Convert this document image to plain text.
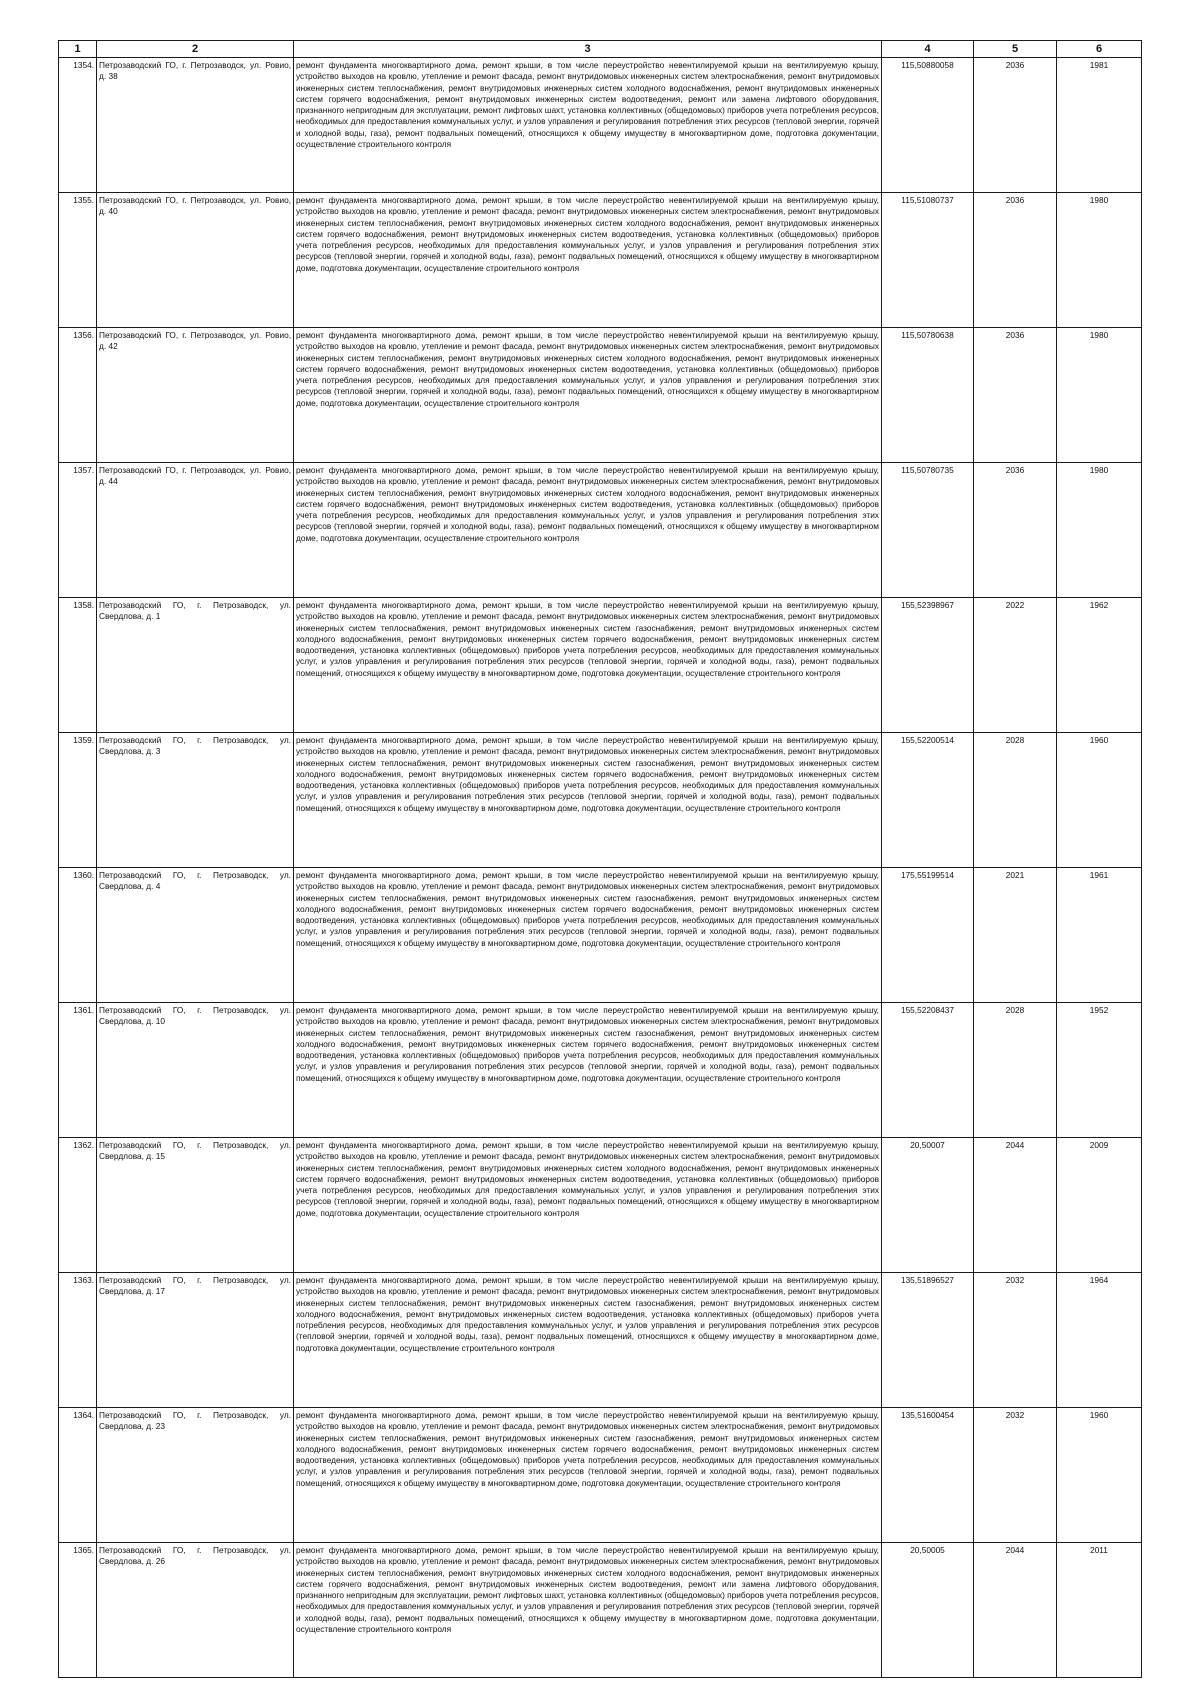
1	2	3	4	5	6
1354.	Петрозаводский ГО, г. Петрозаводск, ул. Ровио, д. 38	ремонт фундамента многоквартирного дома, ремонт крыши, в том числе переустройство невентилируемой крыши на вентилируемую крышу, устройство выходов на кровлю, утепление и ремонт фасада, ремонт внутридомовых инженерных систем электроснабжения, ремонт внутридомовых инженерных систем теплоснабжения, ремонт внутридомовых инженерных систем холодного водоснабжения, ремонт внутридомовых инженерных систем горячего водоснабжения, ремонт внутридомовых инженерных систем водоотведения, ремонт или замена лифтового оборудования, признанного непригодным для эксплуатации, ремонт лифтовых шахт, установка коллективных (общедомовых) приборов учета потребления ресурсов, необходимых для предоставления коммунальных услуг, и узлов управления и регулирования потребления этих ресурсов (тепловой энергии, горячей и холодной воды, газа), ремонт подвальных помещений, относящихся к общему имуществу в многоквартирном доме, подготовка документации, осуществление строительного контроля	115,50880058	2036	1981
1355.	Петрозаводский ГО, г. Петрозаводск, ул. Ровио, д. 40	ремонт фундамента многоквартирного дома, ремонт крыши, в том числе переустройство невентилируемой крыши на вентилируемую крышу, устройство выходов на кровлю, утепление и ремонт фасада, ремонт внутридомовых инженерных систем электроснабжения, ремонт внутридомовых инженерных систем теплоснабжения, ремонт внутридомовых инженерных систем холодного водоснабжения, ремонт внутридомовых инженерных систем горячего водоснабжения, ремонт внутридомовых инженерных систем водоотведения, установка коллективных (общедомовых) приборов учета потребления ресурсов, необходимых для предоставления коммунальных услуг, и узлов управления и регулирования потребления этих ресурсов (тепловой энергии, горячей и холодной воды, газа), ремонт подвальных помещений, относящихся к общему имуществу в многоквартирном доме, подготовка документации, осуществление строительного контроля	115,51080737	2036	1980
1356.	Петрозаводский ГО, г. Петрозаводск, ул. Ровио, д. 42	ремонт фундамента многоквартирного дома, ремонт крыши, в том числе переустройство невентилируемой крыши на вентилируемую крышу, устройство выходов на кровлю, утепление и ремонт фасада, ремонт внутридомовых инженерных систем электроснабжения, ремонт внутридомовых инженерных систем теплоснабжения, ремонт внутридомовых инженерных систем холодного водоснабжения, ремонт внутридомовых инженерных систем горячего водоснабжения, ремонт внутридомовых инженерных систем водоотведения, установка коллективных (общедомовых) приборов учета потребления ресурсов, необходимых для предоставления коммунальных услуг, и узлов управления и регулирования потребления этих ресурсов (тепловой энергии, горячей и холодной воды, газа), ремонт подвальных помещений, относящихся к общему имуществу в многоквартирном доме, подготовка документации, осуществление строительного контроля	115,50780638	2036	1980
1357.	Петрозаводский ГО, г. Петрозаводск, ул. Ровио, д. 44	ремонт фундамента многоквартирного дома, ремонт крыши, в том числе переустройство невентилируемой крыши на вентилируемую крышу, устройство выходов на кровлю, утепление и ремонт фасада, ремонт внутридомовых инженерных систем электроснабжения, ремонт внутридомовых инженерных систем теплоснабжения, ремонт внутридомовых инженерных систем холодного водоснабжения, ремонт внутридомовых инженерных систем горячего водоснабжения, ремонт внутридомовых инженерных систем водоотведения, установка коллективных (общедомовых) приборов учета потребления ресурсов, необходимых для предоставления коммунальных услуг, и узлов управления и регулирования потребления этих ресурсов (тепловой энергии, горячей и холодной воды, газа), ремонт подвальных помещений, относящихся к общему имуществу в многоквартирном доме, подготовка документации, осуществление строительного контроля	115,50780735	2036	1980
1358.	Петрозаводский ГО, г. Петрозаводск, ул. Свердлова, д. 1	ремонт фундамента многоквартирного дома, ремонт крыши, в том числе переустройство невентилируемой крыши на вентилируемую крышу, устройство выходов на кровлю, утепление и ремонт фасада, ремонт внутридомовых инженерных систем электроснабжения, ремонт внутридомовых инженерных систем теплоснабжения, ремонт внутридомовых инженерных систем газоснабжения, ремонт внутридомовых инженерных систем холодного водоснабжения, ремонт внутридомовых инженерных систем горячего водоснабжения, ремонт внутридомовых инженерных систем водоотведения, установка коллективных (общедомовых) приборов учета потребления ресурсов, необходимых для предоставления коммунальных услуг, и узлов управления и регулирования потребления этих ресурсов (тепловой энергии, горячей и холодной воды, газа), ремонт подвальных помещений, относящихся к общему имуществу в многоквартирном доме, подготовка документации, осуществление строительного контроля	155,52398967	2022	1962
1359.	Петрозаводский ГО, г. Петрозаводск, ул. Свердлова, д. 3	ремонт фундамента многоквартирного дома, ремонт крыши, в том числе переустройство невентилируемой крыши на вентилируемую крышу, устройство выходов на кровлю, утепление и ремонт фасада, ремонт внутридомовых инженерных систем электроснабжения, ремонт внутридомовых инженерных систем теплоснабжения, ремонт внутридомовых инженерных систем газоснабжения, ремонт внутридомовых инженерных систем холодного водоснабжения, ремонт внутридомовых инженерных систем горячего водоснабжения, ремонт внутридомовых инженерных систем водоотведения, установка коллективных (общедомовых) приборов учета потребления ресурсов, необходимых для предоставления коммунальных услуг, и узлов управления и регулирования потребления этих ресурсов (тепловой энергии, горячей и холодной воды, газа), ремонт подвальных помещений, относящихся к общему имуществу в многоквартирном доме, подготовка документации, осуществление строительного контроля	155,52200514	2028	1960
1360.	Петрозаводский ГО, г. Петрозаводск, ул. Свердлова, д. 4	ремонт фундамента многоквартирного дома, ремонт крыши, в том числе переустройство невентилируемой крыши на вентилируемую крышу, устройство выходов на кровлю, утепление и ремонт фасада, ремонт внутридомовых инженерных систем электроснабжения, ремонт внутридомовых инженерных систем теплоснабжения, ремонт внутридомовых инженерных систем газоснабжения, ремонт внутридомовых инженерных систем холодного водоснабжения, ремонт внутридомовых инженерных систем горячего водоснабжения, ремонт внутридомовых инженерных систем водоотведения, установка коллективных (общедомовых) приборов учета потребления ресурсов, необходимых для предоставления коммунальных услуг, и узлов управления и регулирования потребления этих ресурсов (тепловой энергии, горячей и холодной воды, газа), ремонт подвальных помещений, относящихся к общему имуществу в многоквартирном доме, подготовка документации, осуществление строительного контроля	175,55199514	2021	1961
1361.	Петрозаводский ГО, г. Петрозаводск, ул. Свердлова, д. 10	ремонт фундамента многоквартирного дома, ремонт крыши, в том числе переустройство невентилируемой крыши на вентилируемую крышу, устройство выходов на кровлю, утепление и ремонт фасада, ремонт внутридомовых инженерных систем электроснабжения, ремонт внутридомовых инженерных систем теплоснабжения, ремонт внутридомовых инженерных систем газоснабжения, ремонт внутридомовых инженерных систем холодного водоснабжения, ремонт внутридомовых инженерных систем горячего водоснабжения, ремонт внутридомовых инженерных систем водоотведения, установка коллективных (общедомовых) приборов учета потребления ресурсов, необходимых для предоставления коммунальных услуг, и узлов управления и регулирования потребления этих ресурсов (тепловой энергии, горячей и холодной воды, газа), ремонт подвальных помещений, относящихся к общему имуществу в многоквартирном доме, подготовка документации, осуществление строительного контроля	155,52208437	2028	1952
1362.	Петрозаводский ГО, г. Петрозаводск, ул. Свердлова, д. 15	ремонт фундамента многоквартирного дома, ремонт крыши, в том числе переустройство невентилируемой крыши на вентилируемую крышу, устройство выходов на кровлю, утепление и ремонт фасада, ремонт внутридомовых инженерных систем электроснабжения, ремонт внутридомовых инженерных систем теплоснабжения, ремонт внутридомовых инженерных систем холодного водоснабжения, ремонт внутридомовых инженерных систем горячего водоснабжения, ремонт внутридомовых инженерных систем водоотведения, установка коллективных (общедомовых) приборов учета потребления ресурсов, необходимых для предоставления коммунальных услуг, и узлов управления и регулирования потребления этих ресурсов (тепловой энергии, горячей и холодной воды, газа), ремонт подвальных помещений, относящихся к общему имуществу в многоквартирном доме, подготовка документации, осуществление строительного контроля	20,50007	2044	2009
1363.	Петрозаводский ГО, г. Петрозаводск, ул. Свердлова, д. 17	ремонт фундамента многоквартирного дома, ремонт крыши, в том числе переустройство невентилируемой крыши на вентилируемую крышу, устройство выходов на кровлю, утепление и ремонт фасада, ремонт внутридомовых инженерных систем электроснабжения, ремонт внутридомовых инженерных систем теплоснабжения, ремонт внутридомовых инженерных систем газоснабжения, ремонт внутридомовых инженерных систем холодного водоснабжения, ремонт внутридомовых инженерных систем водоотведения, установка коллективных (общедомовых) приборов учета потребления ресурсов, необходимых для предоставления коммунальных услуг, и узлов управления и регулирования потребления этих ресурсов (тепловой энергии, горячей и холодной воды, газа), ремонт подвальных помещений, относящихся к общему имуществу в многоквартирном доме, подготовка документации, осуществление строительного контроля	135,51896527	2032	1964
1364.	Петрозаводский ГО, г. Петрозаводск, ул. Свердлова, д. 23	ремонт фундамента многоквартирного дома, ремонт крыши, в том числе переустройство невентилируемой крыши на вентилируемую крышу, устройство выходов на кровлю, утепление и ремонт фасада, ремонт внутридомовых инженерных систем электроснабжения, ремонт внутридомовых инженерных систем теплоснабжения, ремонт внутридомовых инженерных систем газоснабжения, ремонт внутридомовых инженерных систем холодного водоснабжения, ремонт внутридомовых инженерных систем горячего водоснабжения, ремонт внутридомовых инженерных систем водоотведения, установка коллективных (общедомовых) приборов учета потребления ресурсов, необходимых для предоставления коммунальных услуг, и узлов управления и регулирования потребления этих ресурсов (тепловой энергии, горячей и холодной воды, газа), ремонт подвальных помещений, относящихся к общему имуществу в многоквартирном доме, подготовка документации, осуществление строительного контроля	135,51600454	2032	1960
1365.	Петрозаводский ГО, г. Петрозаводск, ул. Свердлова, д. 26	ремонт фундамента многоквартирного дома, ремонт крыши, в том числе переустройство невентилируемой крыши на вентилируемую крышу, устройство выходов на кровлю, утепление и ремонт фасада, ремонт внутридомовых инженерных систем электроснабжения, ремонт внутридомовых инженерных систем теплоснабжения, ремонт внутридомовых инженерных систем холодного водоснабжения, ремонт внутридомовых инженерных систем горячего водоснабжения, ремонт внутридомовых инженерных систем водоотведения, ремонт или замена лифтового оборудования, признанного непригодным для эксплуатации, ремонт лифтовых шахт, установка коллективных (общедомовых) приборов учета потребления ресурсов, необходимых для предоставления коммунальных услуг, и узлов управления и регулирования потребления этих ресурсов (тепловой энергии, горячей и холодной воды, газа), ремонт подвальных помещений, относящихся к общему имуществу в многоквартирном доме, подготовка документации, осуществление строительного контроля	20,50005	2044	2011
